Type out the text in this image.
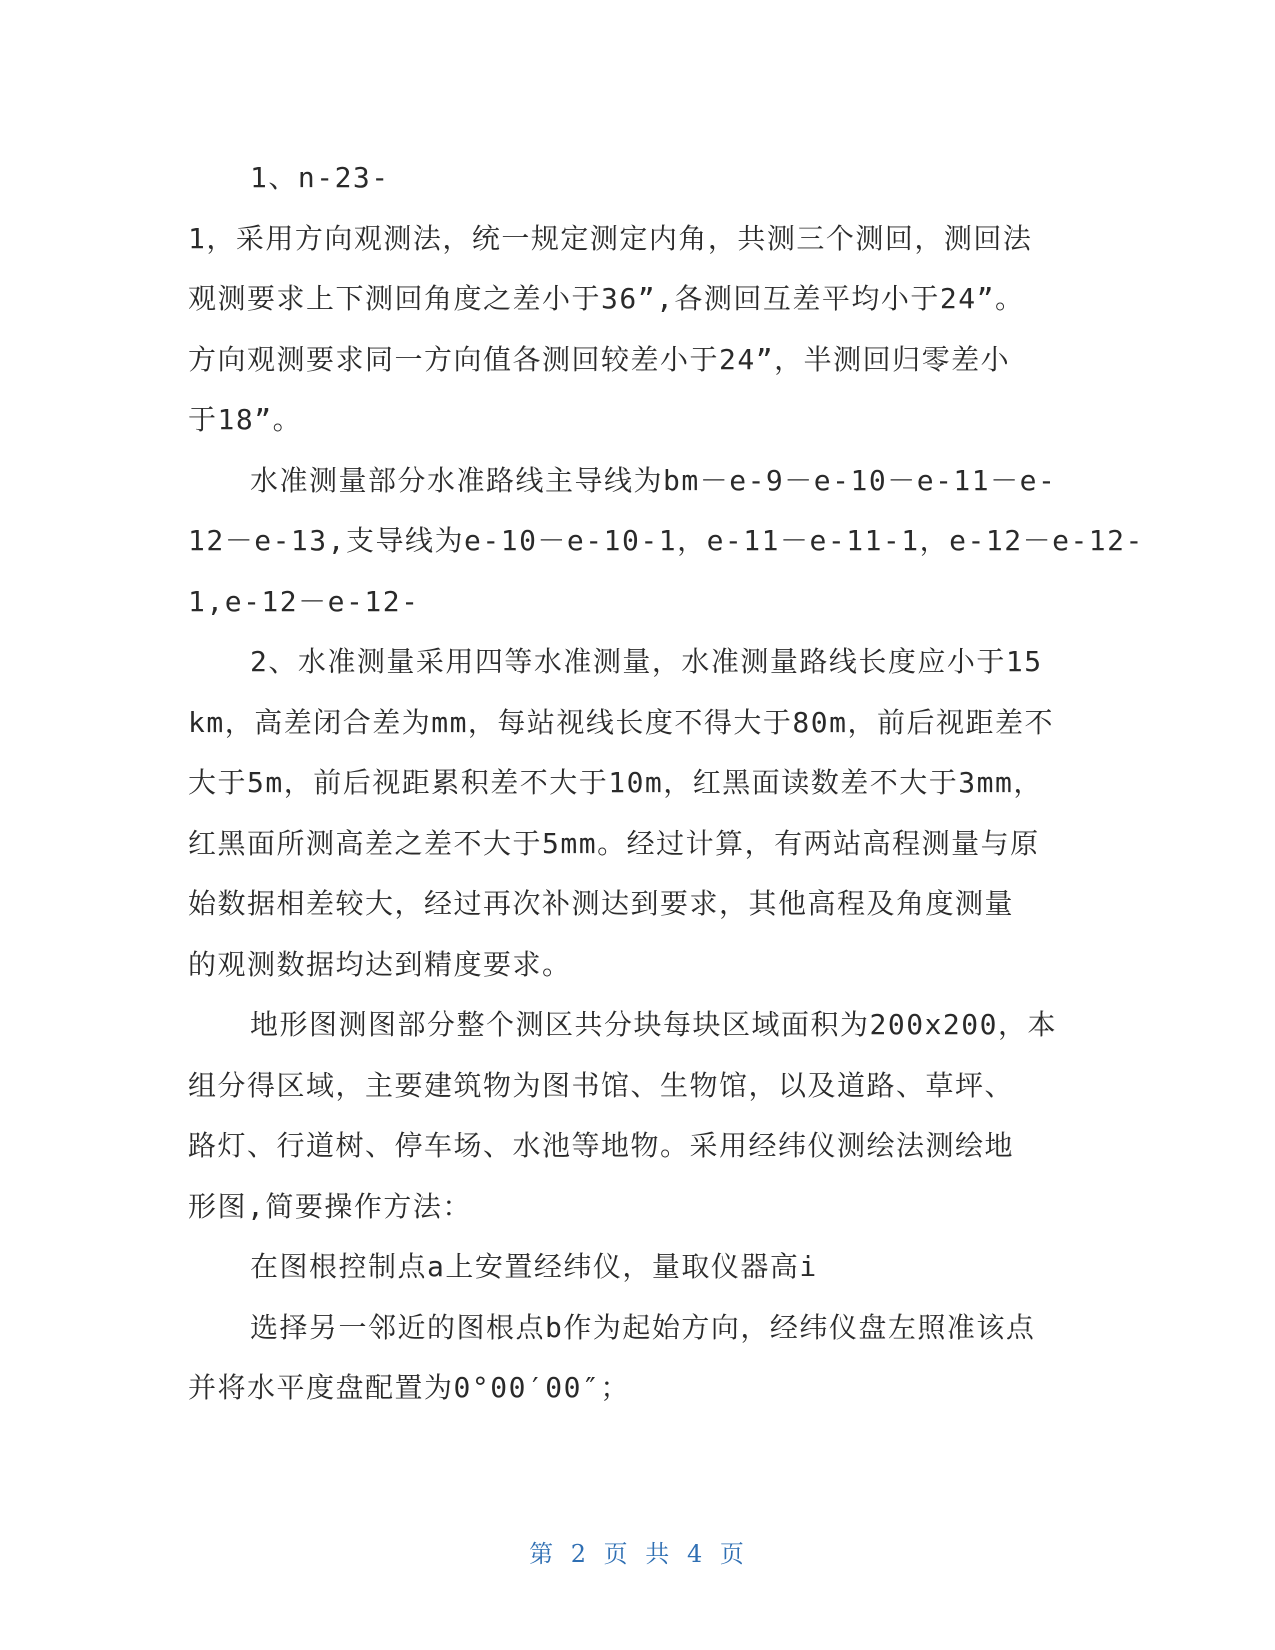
1、n-23-
1，采用方向观测法，统一规定测定内角，共测三个测回，测回法
观测要求上下测回角度之差小于36”,各测回互差平均小于24”。
方向观测要求同一方向值各测回较差小于24”，半测回归零差小
于18”。
水准测量部分水准路线主导线为bm－e-9－e-10－e-11－e-
12－e-13,支导线为e-10－e-10-1，e-11－e-11-1，e-12－e-12-
1,e-12－e-12-
2、水准测量采用四等水准测量，水准测量路线长度应小于15
km，高差闭合差为mm，每站视线长度不得大于80m，前后视距差不
大于5m，前后视距累积差不大于10m，红黑面读数差不大于3mm，
红黑面所测高差之差不大于5mm。经过计算，有两站高程测量与原
始数据相差较大，经过再次补测达到要求，其他高程及角度测量
的观测数据均达到精度要求。
地形图测图部分整个测区共分块每块区域面积为200x200，本
组分得区域，主要建筑物为图书馆、生物馆，以及道路、草坪、
路灯、行道树、停车场、水池等地物。采用经纬仪测绘法测绘地
形图,简要操作方法：
在图根控制点a上安置经纬仪，量取仪器高i
选择另一邻近的图根点b作为起始方向，经纬仪盘左照准该点
并将水平度盘配置为0°00′00″；
第 2 页 共 4 页
